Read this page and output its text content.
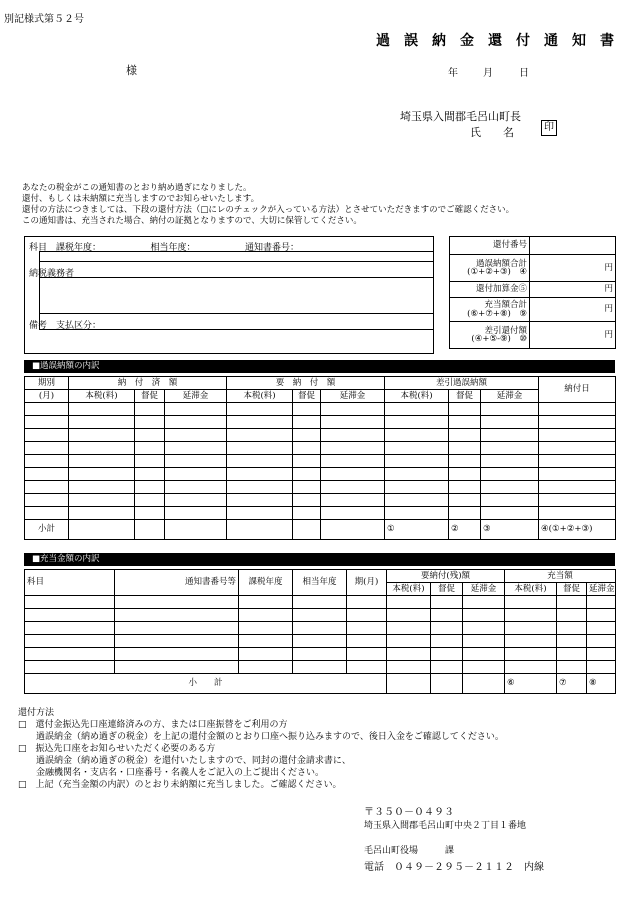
別記様式第５２号
過　誤　納　金　還　付　通　知　書
様	年	月	日
埼玉県入間郡毛呂山町長
氏　　名	印
あなたの税金がこの通知書のとおり納め過ぎになりました。
還付、もしくは未納額に充当しますのでお知らせいたします。
還付の方法につきましては、下段の還付方法（□にレのチェックが入っている方法）とさせていただきますのでご確認ください。
この通知書は、充当された場合、納付の証拠となりますので、大切に保管してください。
科目　課税年度：　　　　　　相当年度：　　　　　　通知書番号：
納税義務者
備考　支払区分：
還付番号	

過誤納額合計
(①+②+③)　④	円
還付加算金⑤	円

充当額合計
(⑥+⑦+⑧)　⑨	円

差引還付額
(④+⑤-⑨)　⑩	円
■過誤納額の内訳
期別	納　付　済　額			要　納　付　額			差引過誤納額			納付日
(月)	本税(料)	督促	延滞金	本税(料)	督促	延滞金	本税(料)	督促	延滞金	

小計							①	②	③	④(①+②+③)
■充当金額の内訳
科目	通知書番号等	課税年度	相当年度	期(月)	要納付(残)額			充当額		
					本税(料)	督促	延滞金	本税(料)	督促	延滞金

小　　計								⑥	⑦	⑧
還付方法
□　 還付金振込先口座連絡済みの方、または口座振替をご利用の方
過誤納金（納め過ぎの税金）を上記の還付金額のとおり口座へ振り込みますので、後日入金をご確認してください。
□　 振込先口座をお知らせいただく必要のある方
過誤納金（納め過ぎの税金）を還付いたしますので、同封の還付金請求書に、
金融機関名・支店名・口座番号・名義人をご記入の上ご提出ください。
□　 上記（充当金額の内訳）のとおり未納額に充当しました。ご確認ください。
〒３５０－０４９３
埼玉県入間郡毛呂山町中央２丁目１番地
毛呂山町役場　　　課
電話　０４９－２９５－２１１２　内線
